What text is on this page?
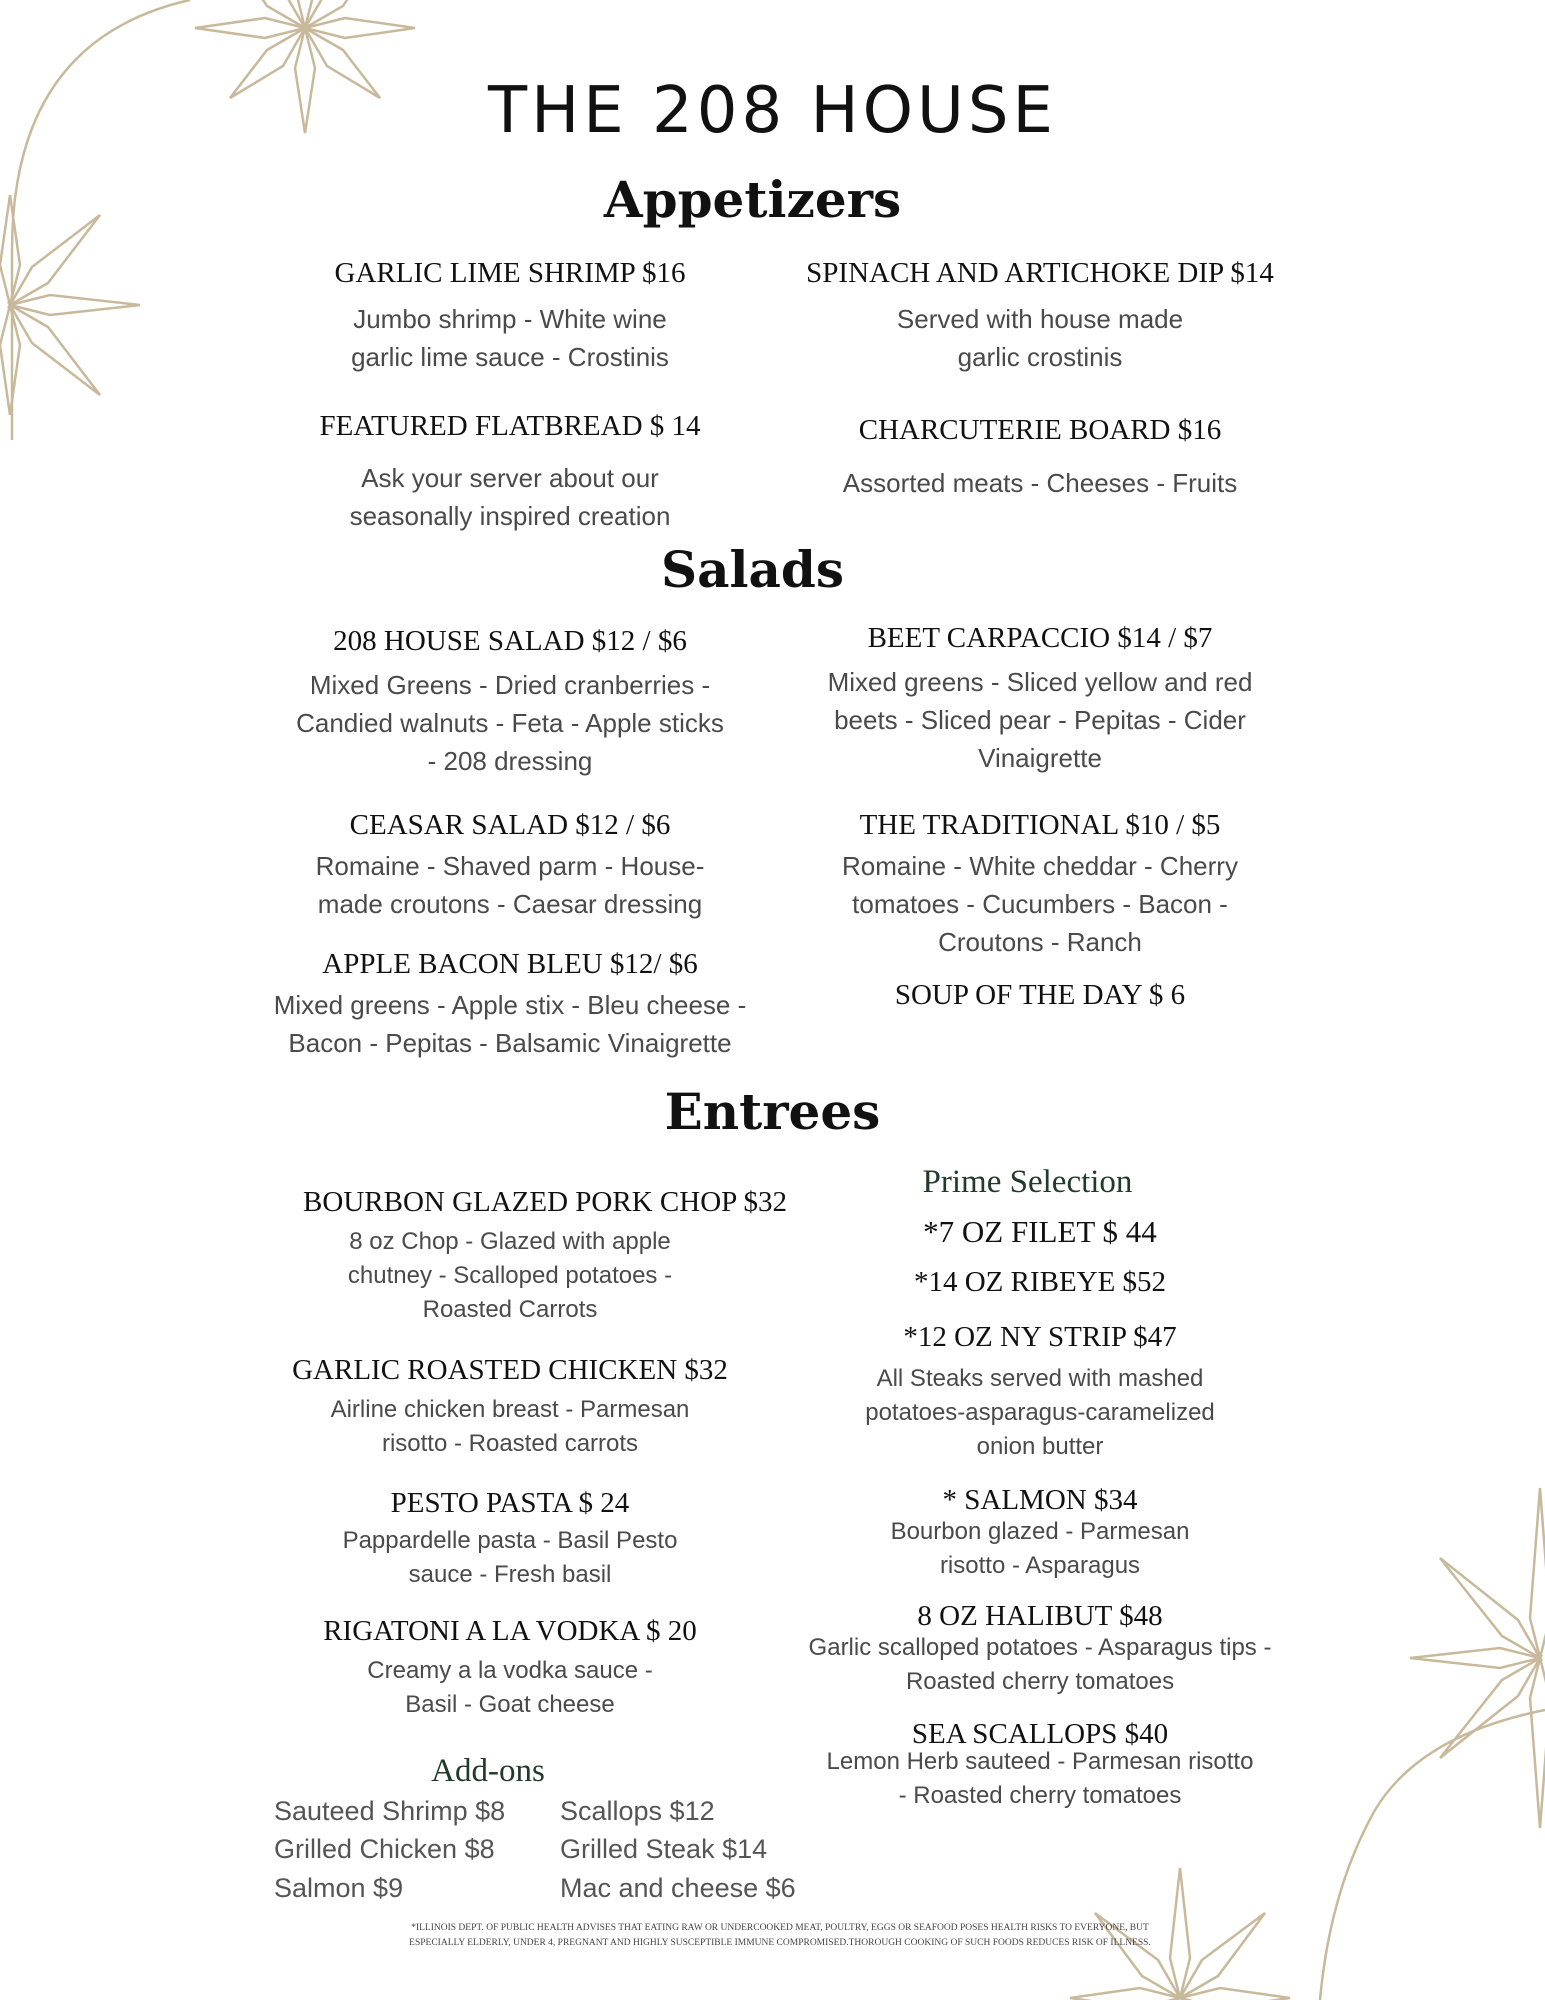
THE 208 HOUSE
Appetizers
GARLIC LIME SHRIMP $16
Jumbo shrimp - White wine
garlic lime sauce - Crostinis
SPINACH AND ARTICHOKE DIP $14
Served with house made
garlic crostinis
FEATURED FLATBREAD $ 14
Ask your server about our
seasonally inspired creation
CHARCUTERIE BOARD $16
Assorted meats - Cheeses - Fruits
Salads
208 HOUSE SALAD $12 / $6
Mixed Greens - Dried cranberries -
Candied walnuts - Feta - Apple sticks
- 208 dressing
BEET CARPACCIO $14 / $7
Mixed greens - Sliced yellow and red
beets - Sliced pear - Pepitas - Cider
Vinaigrette
CEASAR SALAD $12 / $6
Romaine - Shaved parm - House-
made croutons - Caesar dressing
THE TRADITIONAL $10 / $5
Romaine - White cheddar - Cherry
tomatoes - Cucumbers - Bacon -
Croutons - Ranch
APPLE BACON BLEU $12/ $6
Mixed greens - Apple stix - Bleu cheese -
Bacon - Pepitas - Balsamic Vinaigrette
SOUP OF THE DAY $ 6
Entrees
BOURBON GLAZED PORK CHOP $32
8 oz Chop - Glazed with apple
chutney - Scalloped potatoes -
Roasted Carrots
GARLIC ROASTED CHICKEN $32
Airline chicken breast - Parmesan
risotto - Roasted carrots
PESTO PASTA $ 24
Pappardelle pasta - Basil Pesto
sauce - Fresh basil
RIGATONI A LA VODKA $ 20
Creamy a la vodka sauce -
Basil - Goat cheese
Add-ons
Sauteed Shrimp $8 Scallops $12
Grilled Chicken $8 Grilled Steak $14
Salmon $9	Mac and cheese $6
Prime Selection
*7 OZ FILET $ 44
*14 OZ RIBEYE $52
*12 OZ NY STRIP $47
All Steaks served with mashed
potatoes-asparagus-caramelized
onion butter
* SALMON $34
Bourbon glazed - Parmesan
risotto - Asparagus
8 OZ HALIBUT $48
Garlic scalloped potatoes - Asparagus tips -
Roasted cherry tomatoes
SEA SCALLOPS $40
Lemon Herb sauteed - Parmesan risotto
- Roasted cherry tomatoes
*ILLINOIS DEPT. OF PUBLIC HEALTH ADVISES THAT EATING RAW OR UNDERCOOKED MEAT, POULTRY, EGGS OR SEAFOOD POSES HEALTH RISKS TO EVERYONE, BUT
ESPECIALLY ELDERLY, UNDER 4, PREGNANT AND HIGHLY SUSCEPTIBLE IMMUNE COMPROMISED.THOROUGH COOKING OF SUCH FOODS REDUCES RISK OF ILLNESS.
